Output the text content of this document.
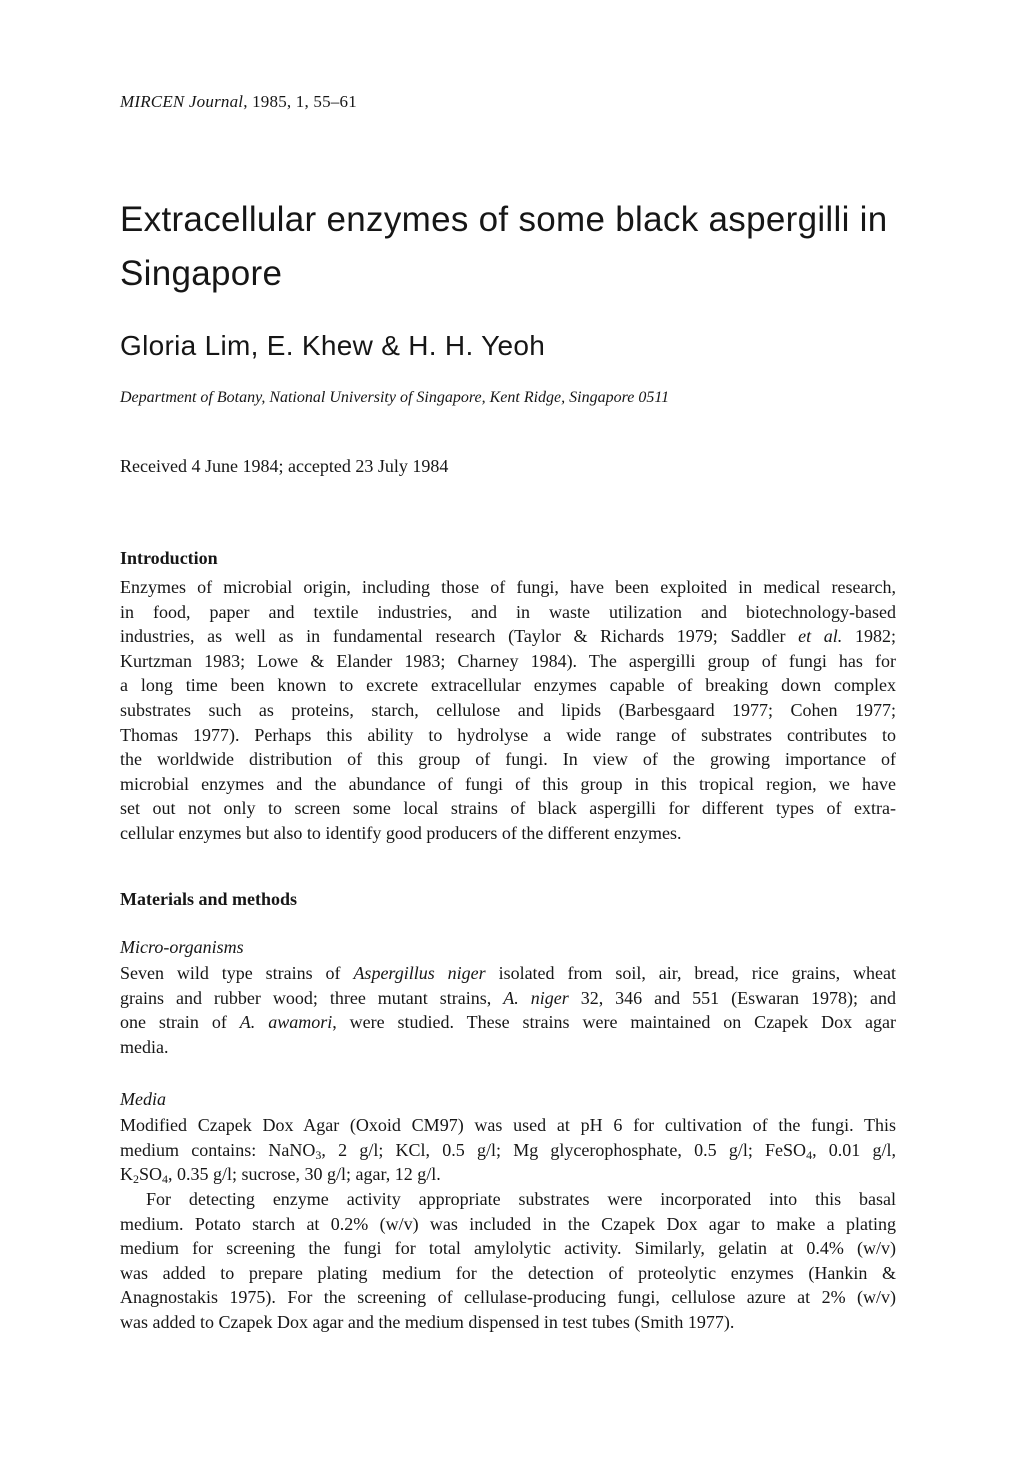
MIRCEN Journal, 1985, 1, 55–61
Extracellular enzymes of some black aspergilli in Singapore
Gloria Lim, E. Khew & H. H. Yeoh
Department of Botany, National University of Singapore, Kent Ridge, Singapore 0511
Received 4 June 1984; accepted 23 July 1984
Introduction
Enzymes of microbial origin, including those of fungi, have been exploited in medical research,
in food, paper and textile industries, and in waste utilization and biotechnology-based
industries, as well as in fundamental research (Taylor & Richards 1979; Saddler et al. 1982;
Kurtzman 1983; Lowe & Elander 1983; Charney 1984). The aspergilli group of fungi has for
a long time been known to excrete extracellular enzymes capable of breaking down complex
substrates such as proteins, starch, cellulose and lipids (Barbesgaard 1977; Cohen 1977;
Thomas 1977). Perhaps this ability to hydrolyse a wide range of substrates contributes to
the worldwide distribution of this group of fungi. In view of the growing importance of
microbial enzymes and the abundance of fungi of this group in this tropical region, we have
set out not only to screen some local strains of black aspergilli for different types of extra-
cellular enzymes but also to identify good producers of the different enzymes.
Materials and methods
Micro-organisms
Seven wild type strains of Aspergillus niger isolated from soil, air, bread, rice grains, wheat
grains and rubber wood; three mutant strains, A. niger 32, 346 and 551 (Eswaran 1978); and
one strain of A. awamori, were studied. These strains were maintained on Czapek Dox agar
media.
Media
Modified Czapek Dox Agar (Oxoid CM97) was used at pH 6 for cultivation of the fungi. This
medium contains: NaNO$_3$, 2 g/l; KCl, 0.5 g/l; Mg glycerophosphate, 0.5 g/l; FeSO$_4$, 0.01 g/l,
$K_2SO_4$, 0.35 g/l; sucrose, 30 g/l; agar, 12 g/l.
For detecting enzyme activity appropriate substrates were incorporated into this basal
medium. Potato starch at 0.2% (w/v) was included in the Czapek Dox agar to make a plating
medium for screening the fungi for total amylolytic activity. Similarly, gelatin at 0.4% (w/v)
was added to prepare plating medium for the detection of proteolytic enzymes (Hankin &
Anagnostakis 1975). For the screening of cellulase-producing fungi, cellulose azure at 2% (w/v)
was added to Czapek Dox agar and the medium dispensed in test tubes (Smith 1977).
